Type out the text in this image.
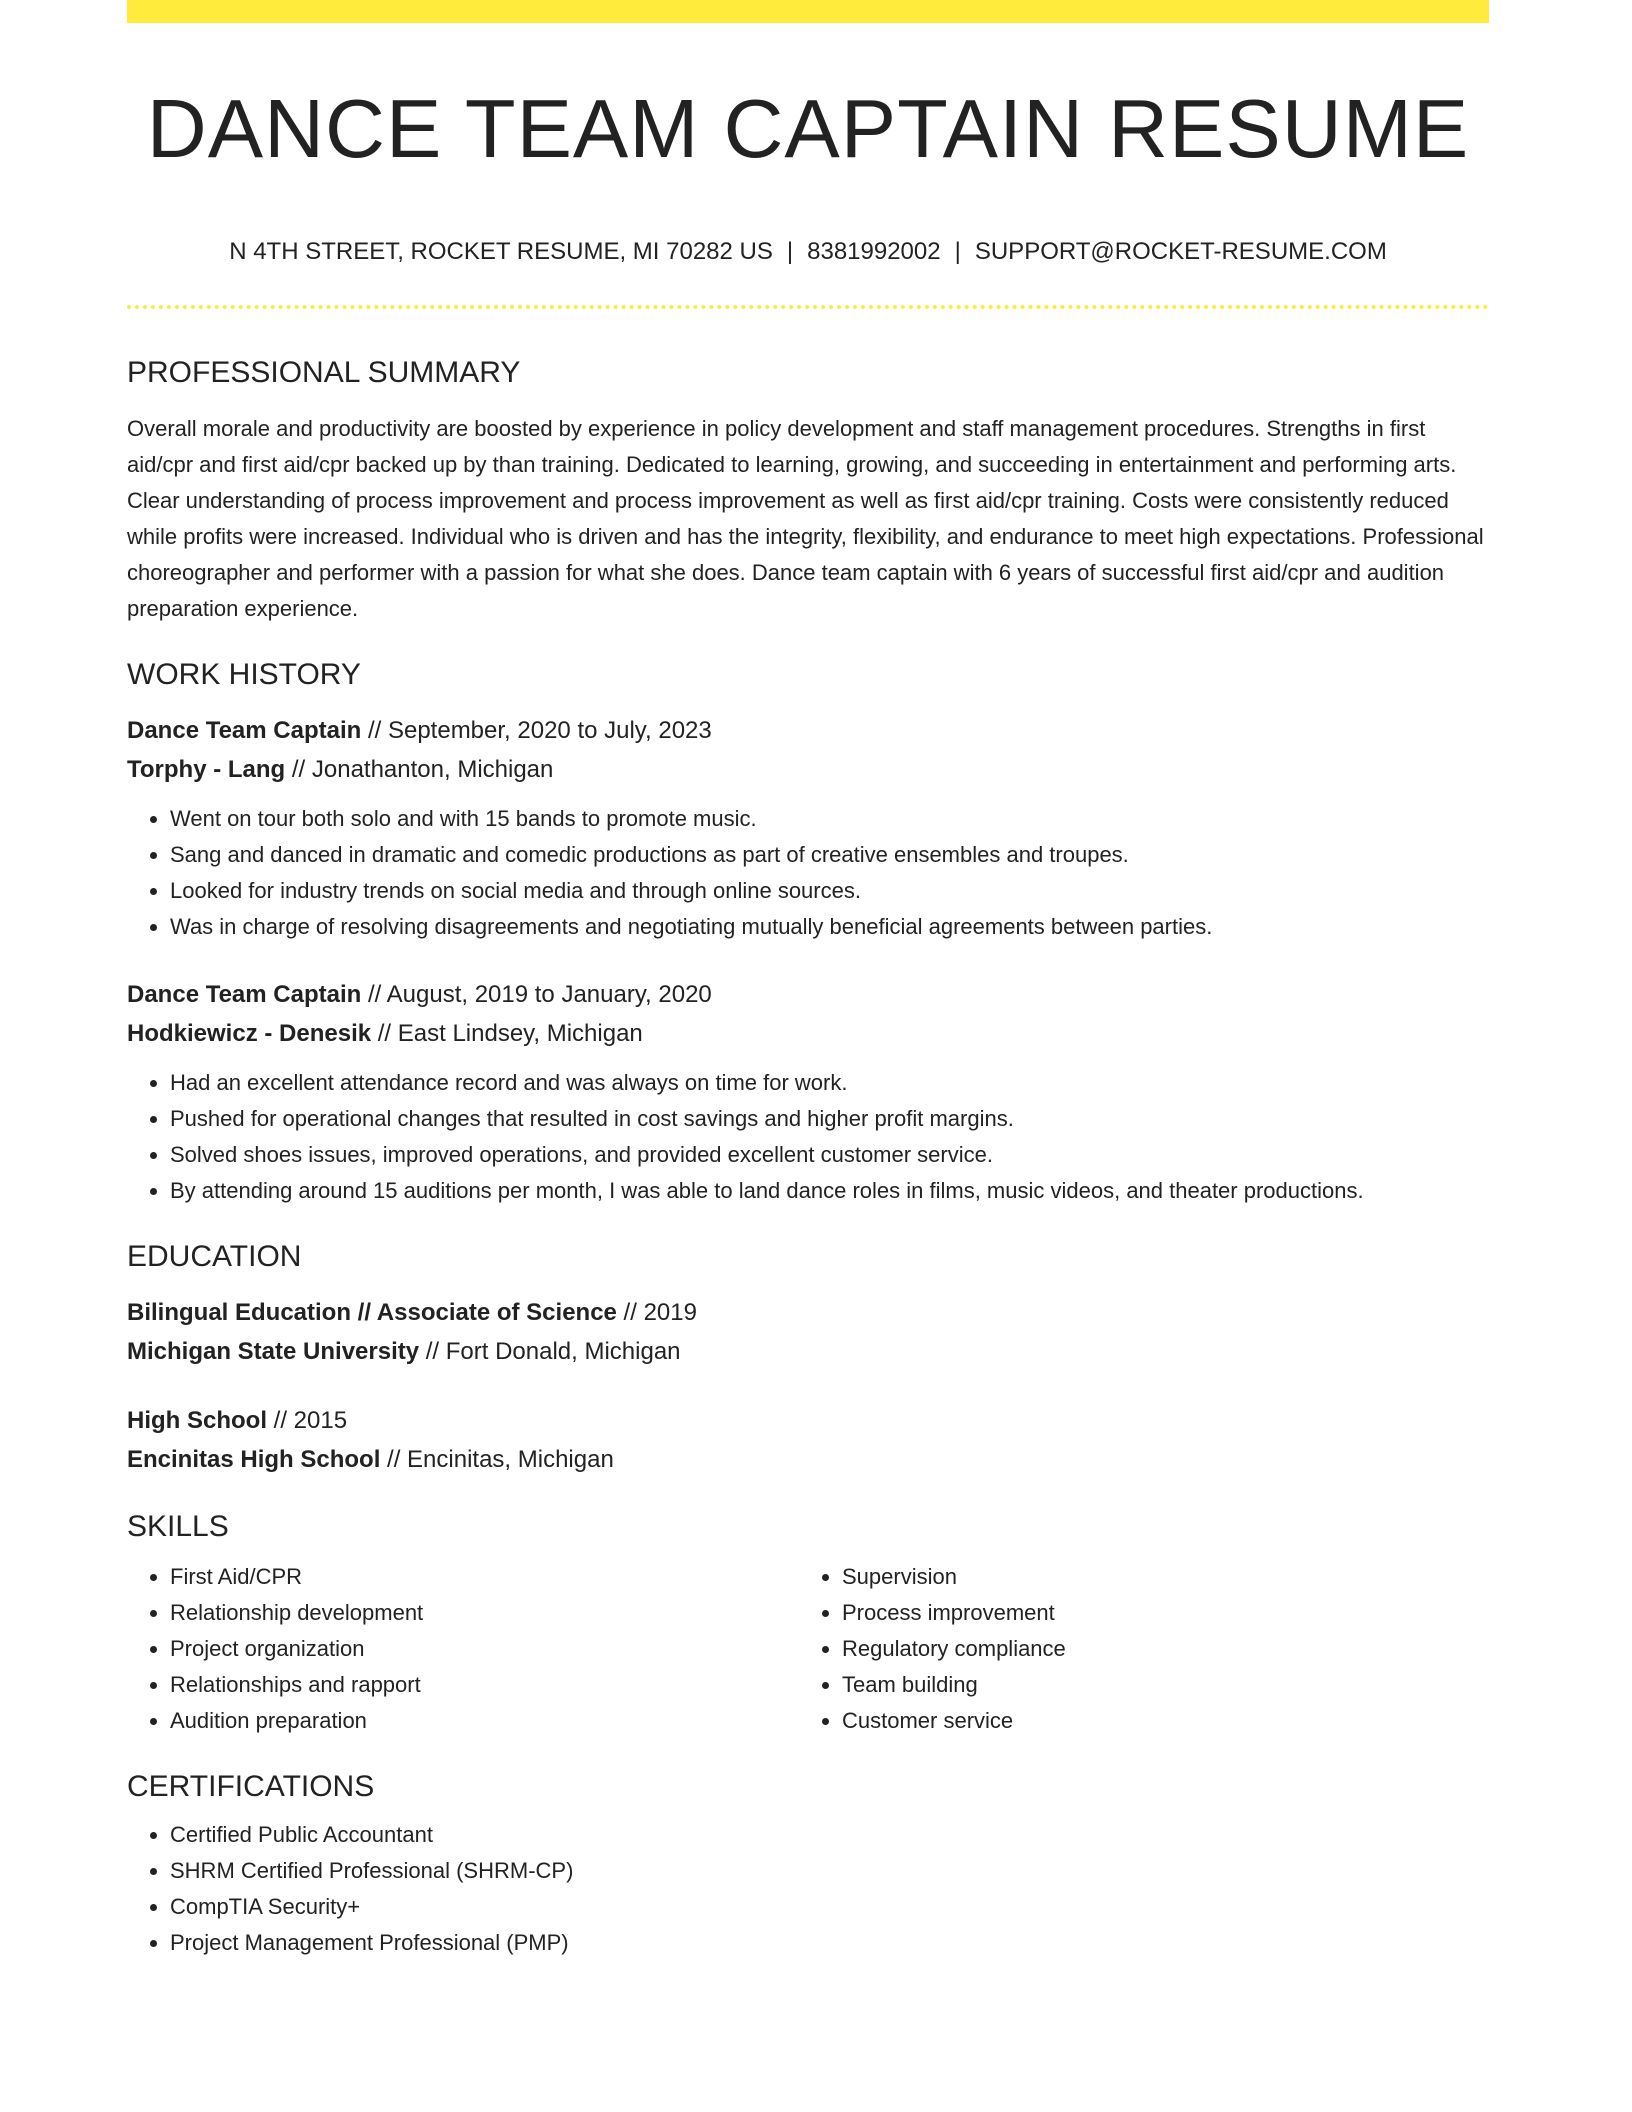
DANCE TEAM CAPTAIN RESUME
N 4TH STREET, ROCKET RESUME, MI 70282 US | 8381992002 | SUPPORT@ROCKET-RESUME.COM
PROFESSIONAL SUMMARY

Overall morale and productivity are boosted by experience in policy development and staff management procedures. Strengths in first aid/cpr and first aid/cpr backed up by than training. Dedicated to learning, growing, and succeeding in entertainment and performing arts. Clear understanding of process improvement and process improvement as well as first aid/cpr training. Costs were consistently reduced while profits were increased. Individual who is driven and has the integrity, flexibility, and endurance to meet high expectations. Professional choreographer and performer with a passion for what she does. Dance team captain with 6 years of successful first aid/cpr and audition preparation experience.

WORK HISTORY
Dance Team Captain // September, 2020 to July, 2023
Torphy - Lang // Jonathanton, Michigan
• Went on tour both solo and with 15 bands to promote music.
• Sang and danced in dramatic and comedic productions as part of creative ensembles and troupes.
• Looked for industry trends on social media and through online sources.
• Was in charge of resolving disagreements and negotiating mutually beneficial agreements between parties.
Dance Team Captain // August, 2019 to January, 2020
Hodkiewicz - Denesik // East Lindsey, Michigan
• Had an excellent attendance record and was always on time for work.
• Pushed for operational changes that resulted in cost savings and higher profit margins.
• Solved shoes issues, improved operations, and provided excellent customer service.
• By attending around 15 auditions per month, I was able to land dance roles in films, music videos, and theater productions.
EDUCATION
Bilingual Education // Associate of Science // 2019
Michigan State University // Fort Donald, Michigan
High School // 2015
Encinitas High School // Encinitas, Michigan
SKILLS
• First Aid/CPR
• Relationship development
• Project organization
• Relationships and rapport
• Audition preparation
• Supervision
• Process improvement
• Regulatory compliance
• Team building
• Customer service
CERTIFICATIONS
• Certified Public Accountant
• SHRM Certified Professional (SHRM-CP)
• CompTIA Security+
• Project Management Professional (PMP)
